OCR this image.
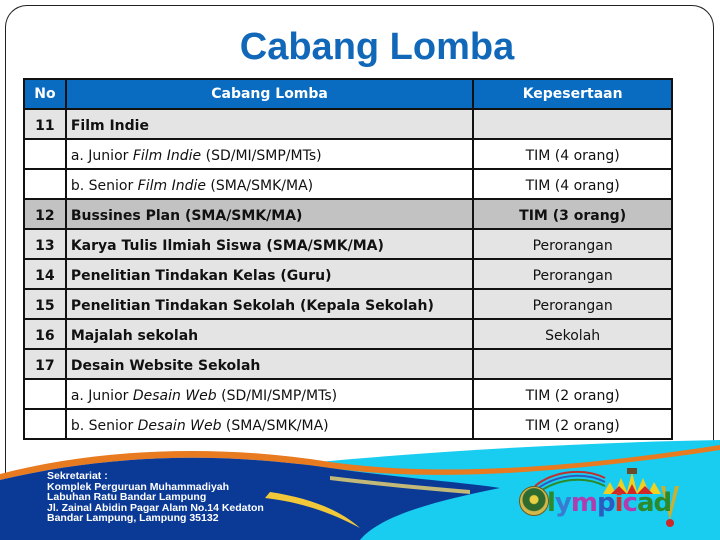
Cabang Lomba
No	Cabang Lomba	Kepesertaan
11	Film Indie	
	a. Junior Film Indie (SD/MI/SMP/MTs)	TIM (4 orang)
	b. Senior Film Indie (SMA/SMK/MA)	TIM (4 orang)
12	Bussines Plan (SMA/SMK/MA)	TIM (3 orang)
13	Karya Tulis Ilmiah Siswa (SMA/SMK/MA)	Perorangan
14	Penelitian Tindakan Kelas (Guru)	Perorangan
15	Penelitian Tindakan Sekolah (Kepala Sekolah)	Perorangan
16	Majalah sekolah	Sekolah
17	Desain Website Sekolah	
	a. Junior Desain Web (SD/MI/SMP/MTs)	TIM (2 orang)
	b. Senior Desain Web (SMA/SMK/MA)	TIM (2 orang)
Sekretariat :
Komplek Perguruan Muhammadiyah
Labuhan Ratu Bandar Lampung
Jl. Zainal Abidin Pagar Alam No.14 Kedaton
Bandar Lampung, Lampung 35132	lympicad
